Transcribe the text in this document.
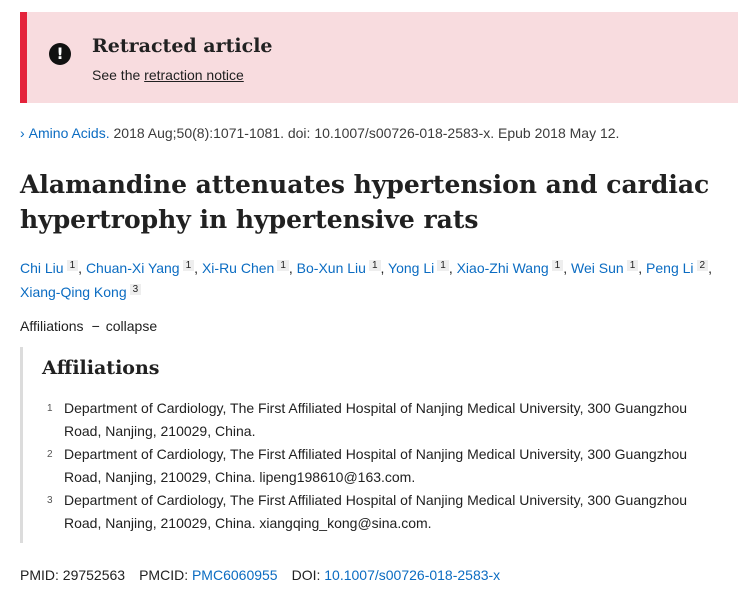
!	Retracted article
See the retraction notice
› Amino Acids. 2018 Aug;50(8):1071-1081. doi: 10.1007/s00726-018-2583-x. Epub 2018 May 12.
Alamandine attenuates hypertension and cardiac hypertrophy in hypertensive rats
Chi Liu $^1$ , Chuan-Xi Yang $^1$ , Xi-Ru Chen $^1$ , Bo-Xun Liu $^1$ , Yong Li $^1$ , Xiao-Zhi Wang $^1$ , Wei Sun $^1$ , Peng Li $^2$ , Xiang-Qing Kong $^3$
Affiliations − collapse
Affiliations
1 Department of Cardiology, The First Affiliated Hospital of Nanjing Medical University, 300 Guangzhou Road, Nanjing, 210029, China.
2 Department of Cardiology, The First Affiliated Hospital of Nanjing Medical University, 300 Guangzhou Road, Nanjing, 210029, China. lipeng198610@163.com.
3 Department of Cardiology, The First Affiliated Hospital of Nanjing Medical University, 300 Guangzhou Road, Nanjing, 210029, China. xiangqing_kong@sina.com.
PMID: 29752563 PMCID: PMC6060955 DOI: 10.1007/s00726-018-2583-x
